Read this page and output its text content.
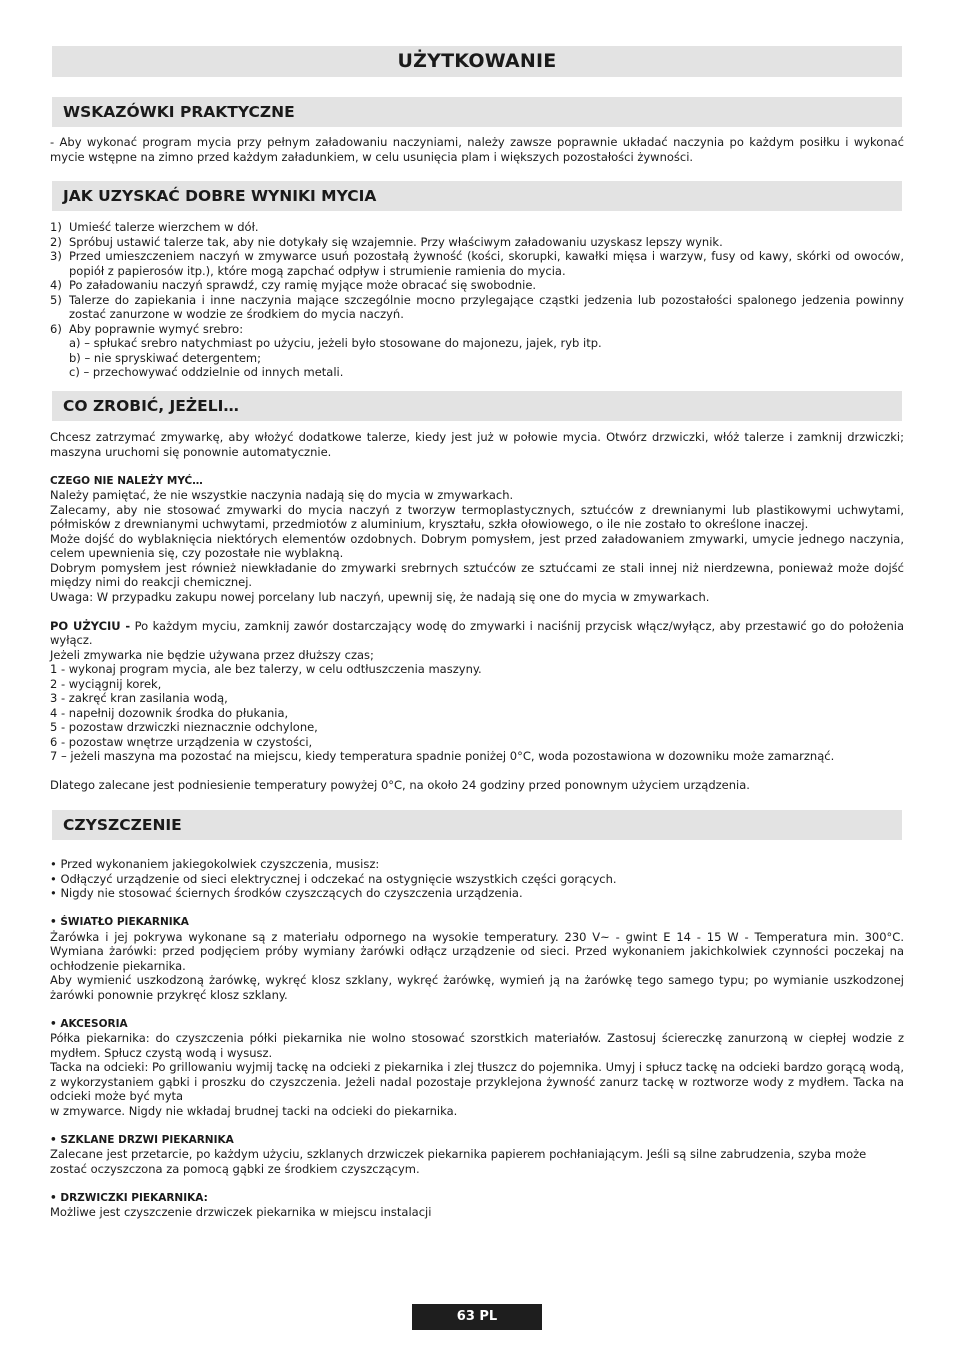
UŻYTKOWANIE
WSKAZÓWKI PRAKTYCZNE
- Aby wykonać program mycia przy pełnym załadowaniu naczyniami, należy zawsze poprawnie układać naczynia po każdym posiłku i wykonać mycie wstępne na zimno przed każdym załadunkiem, w celu usunięcia plam i większych pozostałości żywności.
JAK UZYSKAĆ DOBRE WYNIKI MYCIA
1) Umieść talerze wierzchem w dół.
2) Spróbuj ustawić talerze tak, aby nie dotykały się wzajemnie. Przy właściwym załadowaniu uzyskasz lepszy wynik.
3) Przed umieszczeniem naczyń w zmywarce usuń pozostałą żywność (kości, skorupki, kawałki mięsa i warzyw, fusy od kawy, skórki od owoców, popiół z papierosów itp.), które mogą zapchać odpływ i strumienie ramienia do mycia.
4) Po załadowaniu naczyń sprawdź, czy ramię myjące może obracać się swobodnie.
5) Talerze do zapiekania i inne naczynia mające szczególnie mocno przylegające cząstki jedzenia lub pozostałości spalonego jedzenia powinny zostać zanurzone w wodzie ze środkiem do mycia naczyń.
6) Aby poprawnie wymyć srebro:

a) – spłukać srebro natychmiast po użyciu, jeżeli było stosowane do majonezu, jajek, ryb itp.

b) – nie spryskiwać detergentem;

c) – przechowywać oddzielnie od innych metali.

CO ZROBIĆ, JEŻELI…

Chcesz zatrzymać zmywarkę, aby włożyć dodatkowe talerze, kiedy jest już w połowie mycia. Otwórz drzwiczki, włóż talerze i zamknij drzwiczki; maszyna uruchomi się ponownie automatycznie.

CZEGO NIE NALEŻY MYĆ…

Należy pamiętać, że nie wszystkie naczynia nadają się do mycia w zmywarkach.

Zalecamy, aby nie stosować zmywarki do mycia naczyń z tworzyw termoplastycznych, sztućców z drewnianymi lub plastikowymi uchwytami, półmisków z drewnianymi uchwytami, przedmiotów z aluminium, kryształu, szkła ołowiowego, o ile nie zostało to określone inaczej.

Może dojść do wyblaknięcia niektórych elementów ozdobnych. Dobrym pomysłem, jest przed załadowaniem zmywarki, umycie jednego naczynia, celem upewnienia się, czy pozostałe nie wyblakną.

Dobrym pomysłem jest również niewkładanie do zmywarki srebrnych sztućców ze sztućcami ze stali innej niż nierdzewna, ponieważ może dojść między nimi do reakcji chemicznej.

Uwaga: W przypadku zakupu nowej porcelany lub naczyń, upewnij się, że nadają się one do mycia w zmywarkach.

PO UŻYCIU - Po każdym myciu, zamknij zawór dostarczający wodę do zmywarki i naciśnij przycisk włącz/wyłącz, aby przestawić go do położenia wyłącz.

Jeżeli zmywarka nie będzie używana przez dłuższy czas;

1 - wykonaj program mycia, ale bez talerzy, w celu odtłuszczenia maszyny.

2 - wyciągnij korek,

3 - zakręć kran zasilania wodą,

4 - napełnij dozownik środka do płukania,

5 - pozostaw drzwiczki nieznacznie odchylone,

6 - pozostaw wnętrze urządzenia w czystości,

7 – jeżeli maszyna ma pozostać na miejscu, kiedy temperatura spadnie poniżej 0°C, woda pozostawiona w dozowniku może zamarznąć.

Dlatego zalecane jest podniesienie temperatury powyżej 0°C, na około 24 godziny przed ponownym użyciem urządzenia.

CZYSZCZENIE

• Przed wykonaniem jakiegokolwiek czyszczenia, musisz:

• Odłączyć urządzenie od sieci elektrycznej i odczekać na ostygnięcie wszystkich części gorących.

• Nigdy nie stosować ściernych środków czyszczących do czyszczenia urządzenia.

• ŚWIATŁO PIEKARNIKA

Żarówka i jej pokrywa wykonane są z materiału odpornego na wysokie temperatury. 230 V~ - gwint E 14 - 15 W - Temperatura min. 300°C. Wymiana żarówki: przed podjęciem próby wymiany żarówki odłącz urządzenie od sieci. Przed wykonaniem jakichkolwiek czynności poczekaj na ochłodzenie piekarnika.

Aby wymienić uszkodzoną żarówkę, wykręć klosz szklany, wykręć żarówkę, wymień ją na żarówkę tego samego typu; po wymianie uszkodzonej żarówki ponownie przykręć klosz szklany.

• AKCESORIA

Półka piekarnika: do czyszczenia półki piekarnika nie wolno stosować szorstkich materiałów. Zastosuj ściereczkę zanurzoną w ciepłej wodzie z mydłem. Spłucz czystą wodą i wysusz.

Tacka na odcieki: Po grillowaniu wyjmij tackę na odcieki z piekarnika i zlej tłuszcz do pojemnika. Umyj i spłucz tackę na odcieki bardzo gorącą wodą, z wykorzystaniem gąbki i proszku do czyszczenia. Jeżeli nadal pozostaje przyklejona żywność zanurz tackę w roztworze wody z mydłem. Tacka na odcieki może być myta

w zmywarce. Nigdy nie wkładaj brudnej tacki na odcieki do piekarnika.

• SZKLANE DRZWI PIEKARNIKA

Zalecane jest przetarcie, po każdym użyciu, szklanych drzwiczek piekarnika papierem pochłaniającym. Jeśli są silne zabrudzenia, szyba może zostać oczyszczona za pomocą gąbki ze środkiem czyszczącym.

• DRZWICZKI PIEKARNIKA:

Możliwe jest czyszczenie drzwiczek piekarnika w miejscu instalacji

63 PL
